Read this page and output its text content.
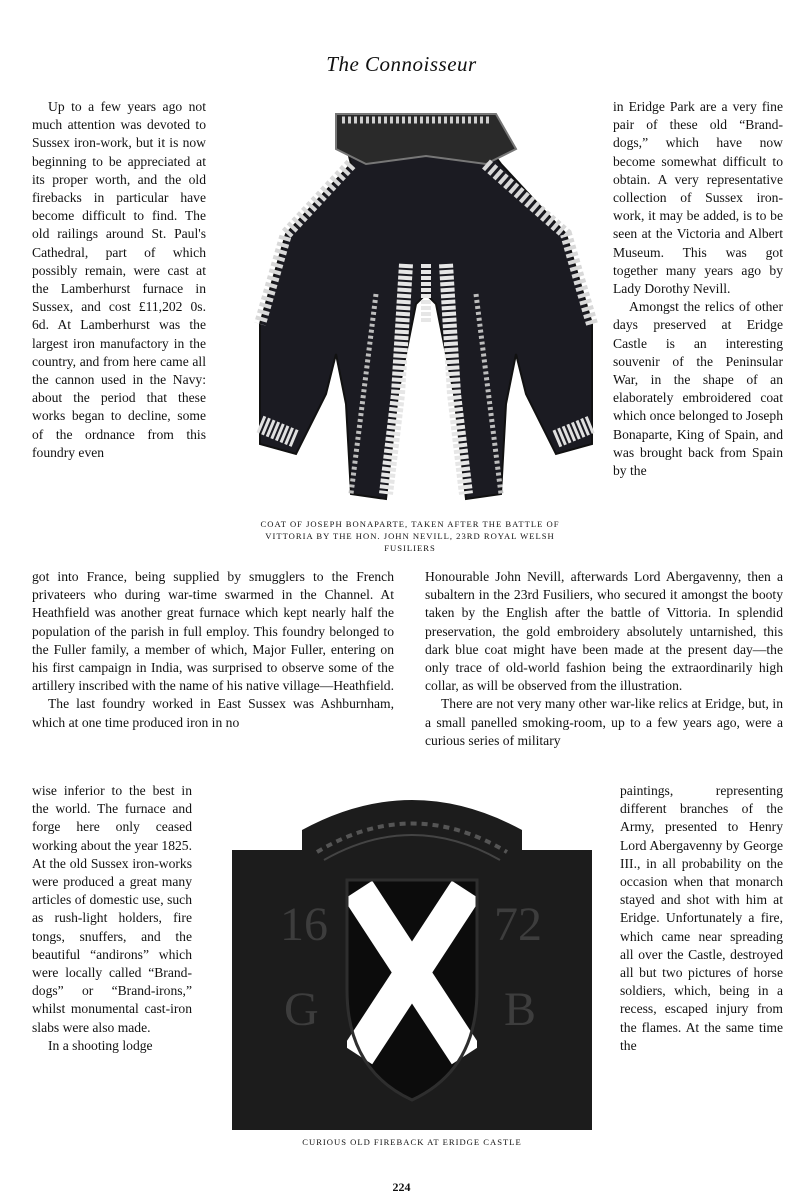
The Connoisseur

Up to a few years ago not much attention was devoted to Sussex iron-work, but it is now beginning to be appreciated at its proper worth, and the old firebacks in particular have become difficult to find. The old railings around St. Paul's Cathedral, part of which possibly remain, were cast at the Lamberhurst furnace in Sussex, and cost £11,202 0s. 6d. At Lamberhurst was the largest iron manufactory in the country, and from here came all the cannon used in the Navy: about the period that these works began to decline, some of the ordnance from this foundry even

COAT OF JOSEPH BONAPARTE, TAKEN AFTER THE BATTLE OF VITTORIA BY THE HON. JOHN NEVILL, 23RD ROYAL WELSH FUSILIERS

in Eridge Park are a very fine pair of these old “Brand-dogs,” which have now become somewhat difficult to obtain. A very representative collection of Sussex iron-work, it may be added, is to be seen at the Victoria and Albert Museum. This was got together many years ago by Lady Dorothy Nevill.

Amongst the relics of other days preserved at Eridge Castle is an interesting souvenir of the Peninsular War, in the shape of an elaborately embroidered coat which once belonged to Joseph Bonaparte, King of Spain, and was brought back from Spain by the

got into France, being supplied by smugglers to the French privateers who during war-time swarmed in the Channel. At Heathfield was another great furnace which kept nearly half the population of the parish in full employ. This foundry belonged to the Fuller family, a member of which, Major Fuller, entering on his first campaign in India, was surprised to observe some of the artillery inscribed with the name of his native village—Heathfield.

The last foundry worked in East Sussex was Ashburnham, which at one time produced iron in no

Honourable John Nevill, afterwards Lord Abergavenny, then a subaltern in the 23rd Fusiliers, who secured it amongst the booty taken by the English after the battle of Vittoria. In splendid preservation, the gold embroidery absolutely untarnished, this dark blue coat might have been made at the present day—the only trace of old-world fashion being the extraordinarily high collar, as will be observed from the illustration.

There are not very many other war-like relics at Eridge, but, in a small panelled smoking-room, up to a few years ago, were a curious series of military

wise inferior to the best in the world. The furnace and forge here only ceased working about the year 1825. At the old Sussex iron-works were produced a great many articles of domestic use, such as rush-light holders, fire tongs, snuffers, and the beautiful “andirons” which were locally called “Brand-dogs” or “Brand-irons,” whilst monumental cast-iron slabs were also made.

In a shooting lodge

16	72
G	B
CURIOUS OLD FIREBACK AT ERIDGE CASTLE

paintings, representing different branches of the Army, presented to Henry Lord Abergavenny by George III., in all probability on the occasion when that monarch stayed and shot with him at Eridge. Unfortunately a fire, which came near spreading all over the Castle, destroyed all but two pictures of horse soldiers, which, being in a recess, escaped injury from the flames. At the same time the

224
